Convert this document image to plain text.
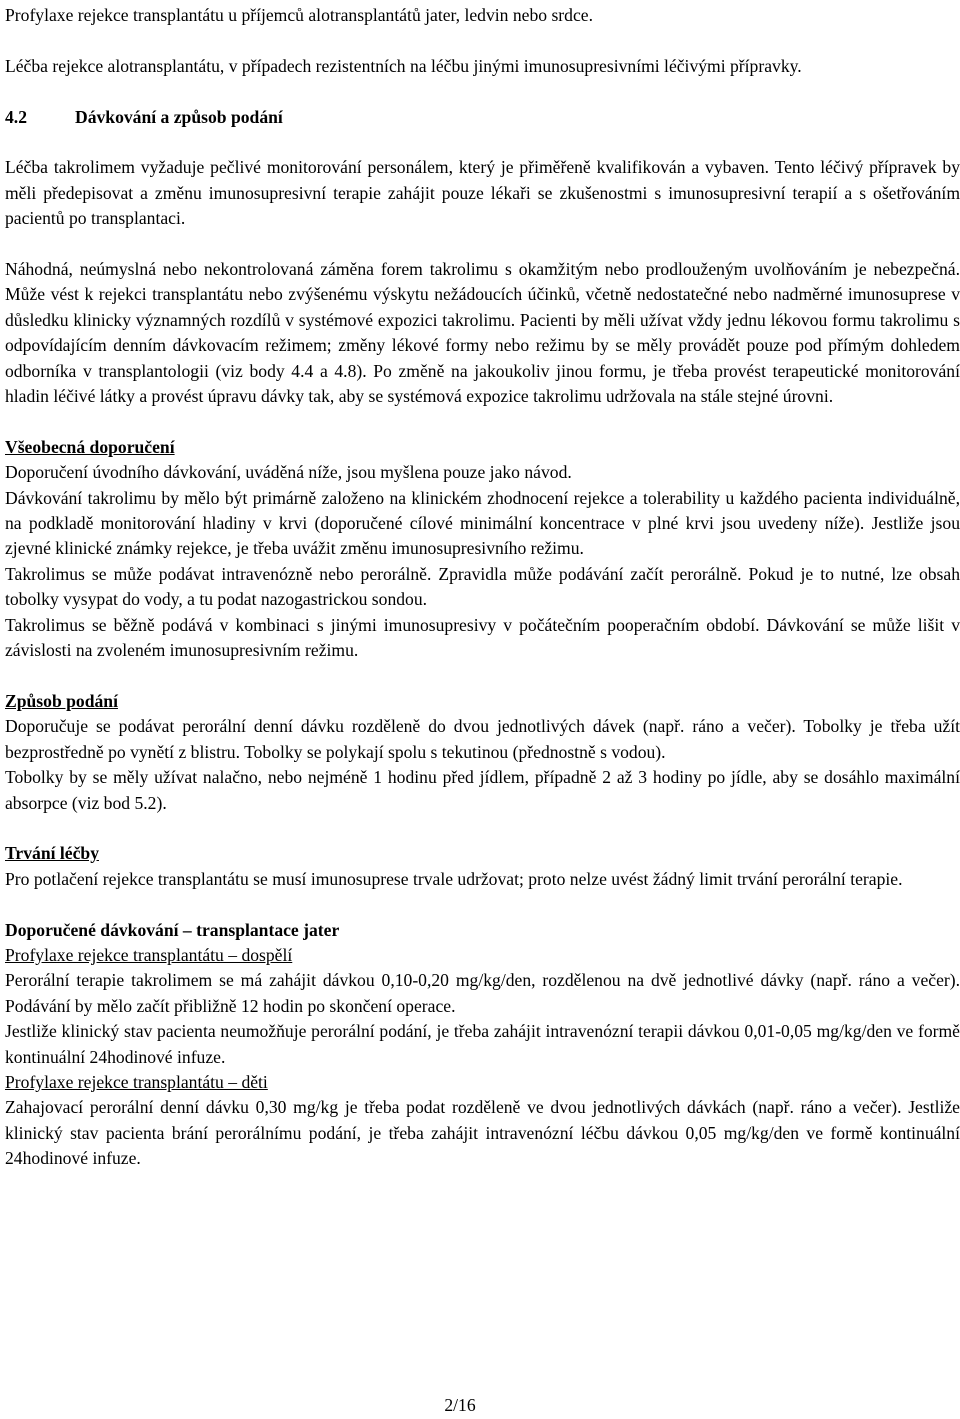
Profylaxe rejekce transplantátu u příjemců alotransplantátů jater, ledvin nebo srdce.

Léčba rejekce alotransplantátu, v případech rezistentních na léčbu jinými imunosupresivními léčivými přípravky.

4.2	Dávkování a způsob podání

Léčba takrolimem vyžaduje pečlivé monitorování personálem, který je přiměřeně kvalifikován a vybaven. Tento léčivý přípravek by měli předepisovat a změnu imunosupresivní terapie zahájit pouze lékaři se zkušenostmi s imunosupresivní terapií a s ošetřováním pacientů po transplantaci.

Náhodná, neúmyslná nebo nekontrolovaná záměna forem takrolimu s okamžitým nebo prodlouženým uvolňováním je nebezpečná. Může vést k rejekci transplantátu nebo zvýšenému výskytu nežádoucích účinků, včetně nedostatečné nebo nadměrné imunosuprese v důsledku klinicky významných rozdílů v systémové expozici takrolimu. Pacienti by měli užívat vždy jednu lékovou formu takrolimu s odpovídajícím denním dávkovacím režimem; změny lékové formy nebo režimu by se měly provádět pouze pod přímým dohledem odborníka v transplantologii (viz body 4.4 a 4.8). Po změně na jakoukoliv jinou formu, je třeba provést terapeutické monitorování hladin léčivé látky a provést úpravu dávky tak, aby se systémová expozice takrolimu udržovala na stále stejné úrovni.

Všeobecná doporučení

Doporučení úvodního dávkování, uváděná níže, jsou myšlena pouze jako návod.

Dávkování takrolimu by mělo být primárně založeno na klinickém zhodnocení rejekce a tolerability u každého pacienta individuálně, na podkladě monitorování hladiny v krvi (doporučené cílové minimální koncentrace v plné krvi jsou uvedeny níže). Jestliže jsou zjevné klinické známky rejekce, je třeba uvážit změnu imunosupresivního režimu.

Takrolimus se může podávat intravenózně nebo perorálně. Zpravidla může podávání začít perorálně. Pokud je to nutné, lze obsah tobolky vysypat do vody, a tu podat nazogastrickou sondou.

Takrolimus se běžně podává v kombinaci s jinými imunosupresivy v počátečním pooperačním období. Dávkování se může lišit v závislosti na zvoleném imunosupresivním režimu.

Způsob podání

Doporučuje se podávat perorální denní dávku rozděleně do dvou jednotlivých dávek (např. ráno a večer). Tobolky je třeba užít bezprostředně po vynětí z blistru. Tobolky se polykají spolu s tekutinou (přednostně s vodou).

Tobolky by se měly užívat nalačno, nebo nejméně 1 hodinu před jídlem, případně 2 až 3 hodiny po jídle, aby se dosáhlo maximální absorpce (viz bod 5.2).

Trvání léčby

Pro potlačení rejekce transplantátu se musí imunosuprese trvale udržovat; proto nelze uvést žádný limit trvání perorální terapie.

Doporučené dávkování – transplantace jater

Profylaxe rejekce transplantátu – dospělí

Perorální terapie takrolimem se má zahájit dávkou 0,10-0,20 mg/kg/den, rozdělenou na dvě jednotlivé dávky (např. ráno a večer). Podávání by mělo začít přibližně 12 hodin po skončení operace.

Jestliže klinický stav pacienta neumožňuje perorální podání, je třeba zahájit intravenózní terapii dávkou 0,01-0,05 mg/kg/den ve formě kontinuální 24hodinové infuze.

Profylaxe rejekce transplantátu – děti

Zahajovací perorální denní dávku 0,30 mg/kg je třeba podat rozděleně ve dvou jednotlivých dávkách (např. ráno a večer). Jestliže klinický stav pacienta brání perorálnímu podání, je třeba zahájit intravenózní léčbu dávkou 0,05 mg/kg/den ve formě kontinuální 24hodinové infuze.

2/16
